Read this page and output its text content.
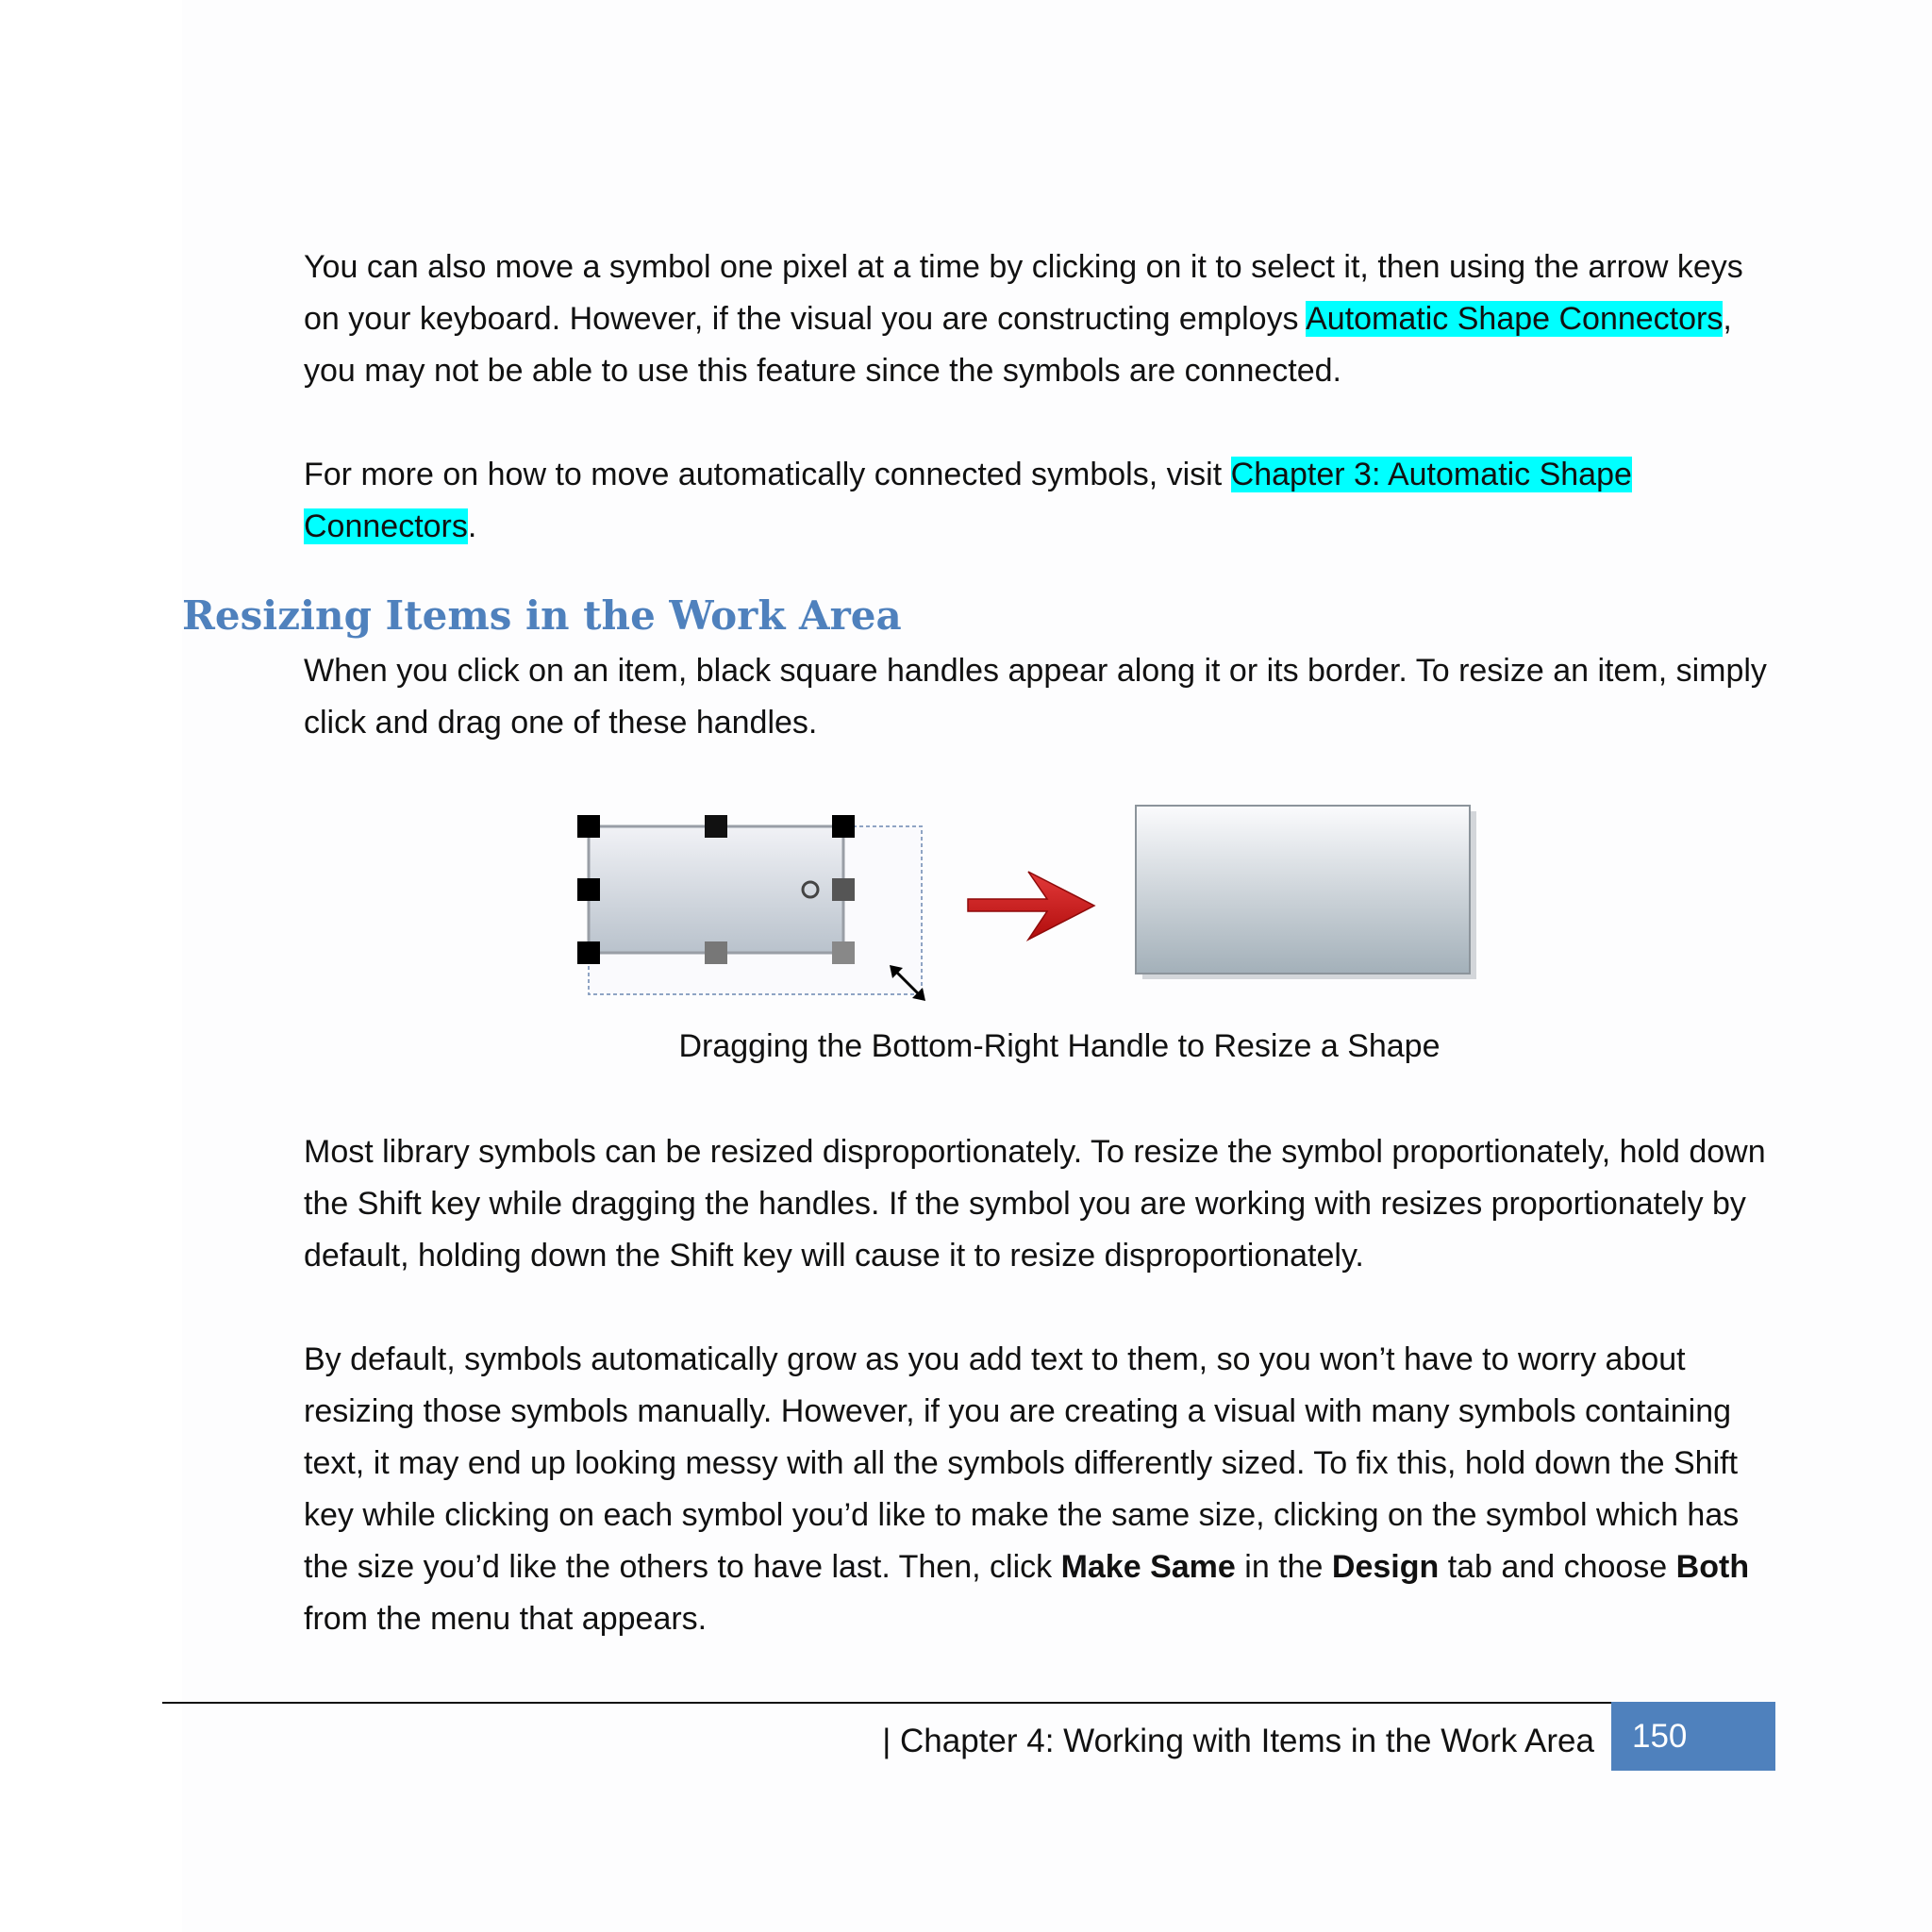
You can also move a symbol one pixel at a time by clicking on it to select it, then using the arrow keys on your keyboard. However, if the visual you are constructing employs Automatic Shape Connectors, you may not be able to use this feature since the symbols are connected.

For more on how to move automatically connected symbols, visit Chapter 3: Automatic Shape Connectors.

Resizing Items in the Work Area

When you click on an item, black square handles appear along it or its border. To resize an item, simply click and drag one of these handles.

Dragging the Bottom-Right Handle to Resize a Shape

Most library symbols can be resized disproportionately. To resize the symbol proportionately, hold down the Shift key while dragging the handles. If the symbol you are working with resizes proportionately by default, holding down the Shift key will cause it to resize disproportionately.

By default, symbols automatically grow as you add text to them, so you won’t have to worry about resizing those symbols manually. However, if you are creating a visual with many symbols containing text, it may end up looking messy with all the symbols differently sized. To fix this, hold down the Shift key while clicking on each symbol you’d like to make the same size, clicking on the symbol which has the size you’d like the others to have last. Then, click Make Same in the Design tab and choose Both from the menu that appears.

| Chapter 4: Working with Items in the Work Area	150
